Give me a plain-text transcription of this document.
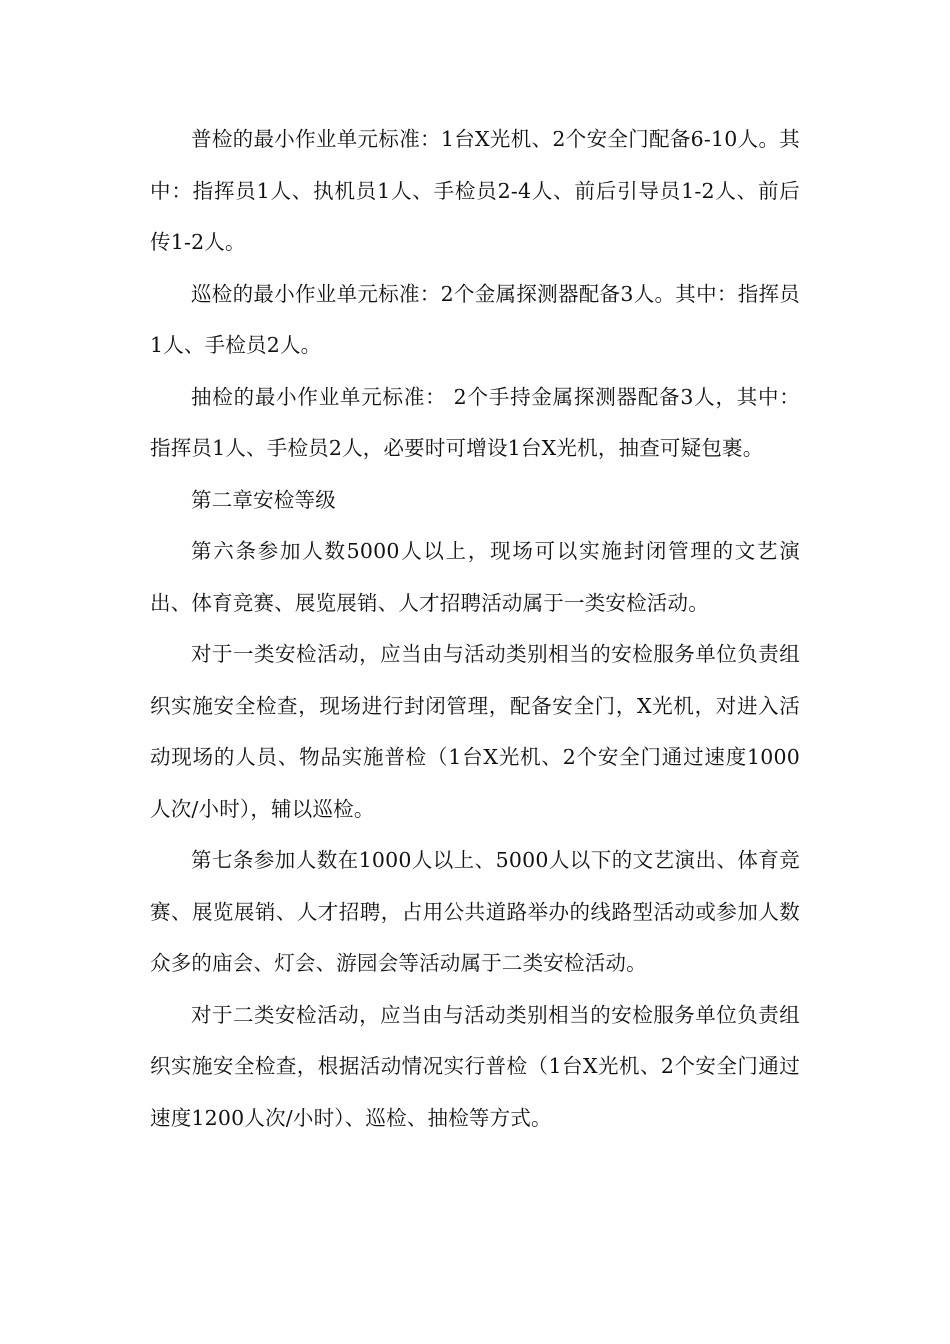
普检的最小作业单元标准：1台X光机、2个安全门配备6-10人。其中：指挥员1人、执机员1人、手检员2-4人、前后引导员1-2人、前后传1-2人。

巡检的最小作业单元标准：2个金属探测器配备3人。其中：指挥员1人、手检员2人。

抽检的最小作业单元标准： 2个手持金属探测器配备3人，其中：指挥员1人、手检员2人，必要时可增设1台X光机，抽查可疑包裹。

第二章安检等级

第六条参加人数5000人以上，现场可以实施封闭管理的文艺演出、体育竞赛、展览展销、人才招聘活动属于一类安检活动。

对于一类安检活动，应当由与活动类别相当的安检服务单位负责组织实施安全检查，现场进行封闭管理，配备安全门，X光机，对进入活动现场的人员、物品实施普检（1台X光机、2个安全门通过速度1000人次/小时），辅以巡检。

第七条参加人数在1000人以上、5000人以下的文艺演出、体育竞赛、展览展销、人才招聘，占用公共道路举办的线路型活动或参加人数众多的庙会、灯会、游园会等活动属于二类安检活动。

对于二类安检活动，应当由与活动类别相当的安检服务单位负责组织实施安全检查，根据活动情况实行普检（1台X光机、2个安全门通过速度1200人次/小时）、巡检、抽检等方式。
